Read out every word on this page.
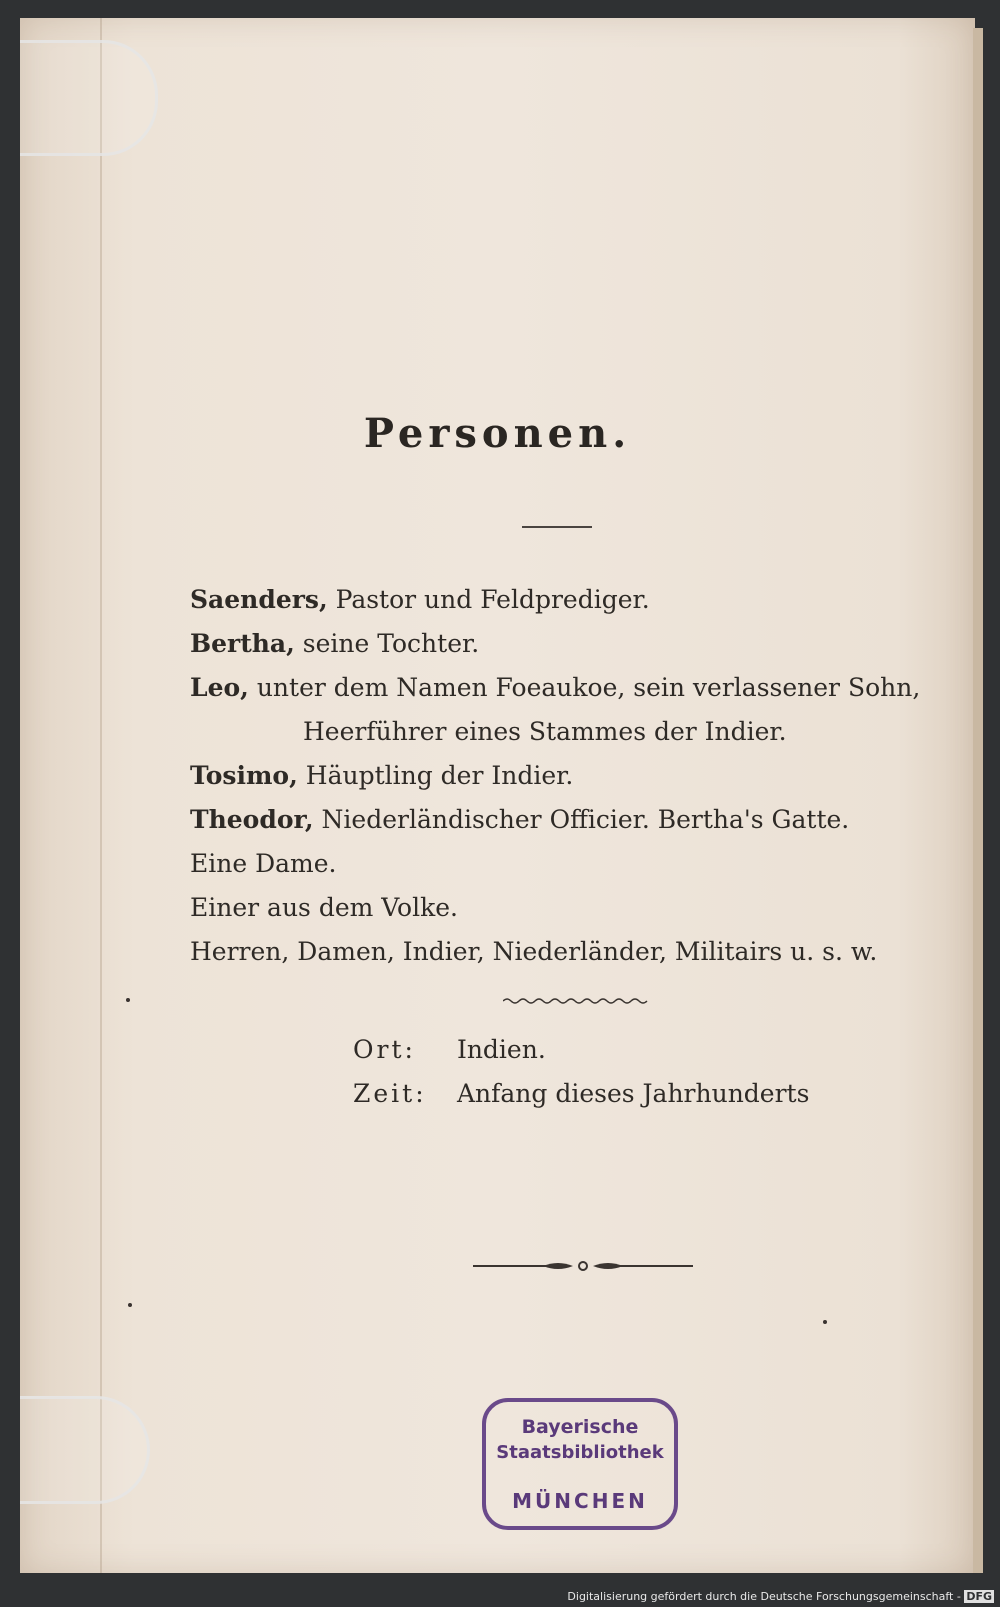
Personen.
Saenders, Pastor und Feldprediger.
Bertha, seine Tochter.
Leo, unter dem Namen Foeaukoe, sein verlassener Sohn,
Heerführer eines Stammes der Indier.
Tosimo, Häuptling der Indier.
Theodor, Niederländischer Officier. Bertha's Gatte.
Eine Dame.
Einer aus dem Volke.
Herren, Damen, Indier, Niederländer, Militairs u. s. w.
Ort: Indien.
Zeit: Anfang dieses Jahrhunderts
Bayerische
Staatsbibliothek
MÜNCHEN
Digitalisierung gefördert durch die Deutsche Forschungsgemeinschaft - DFG
